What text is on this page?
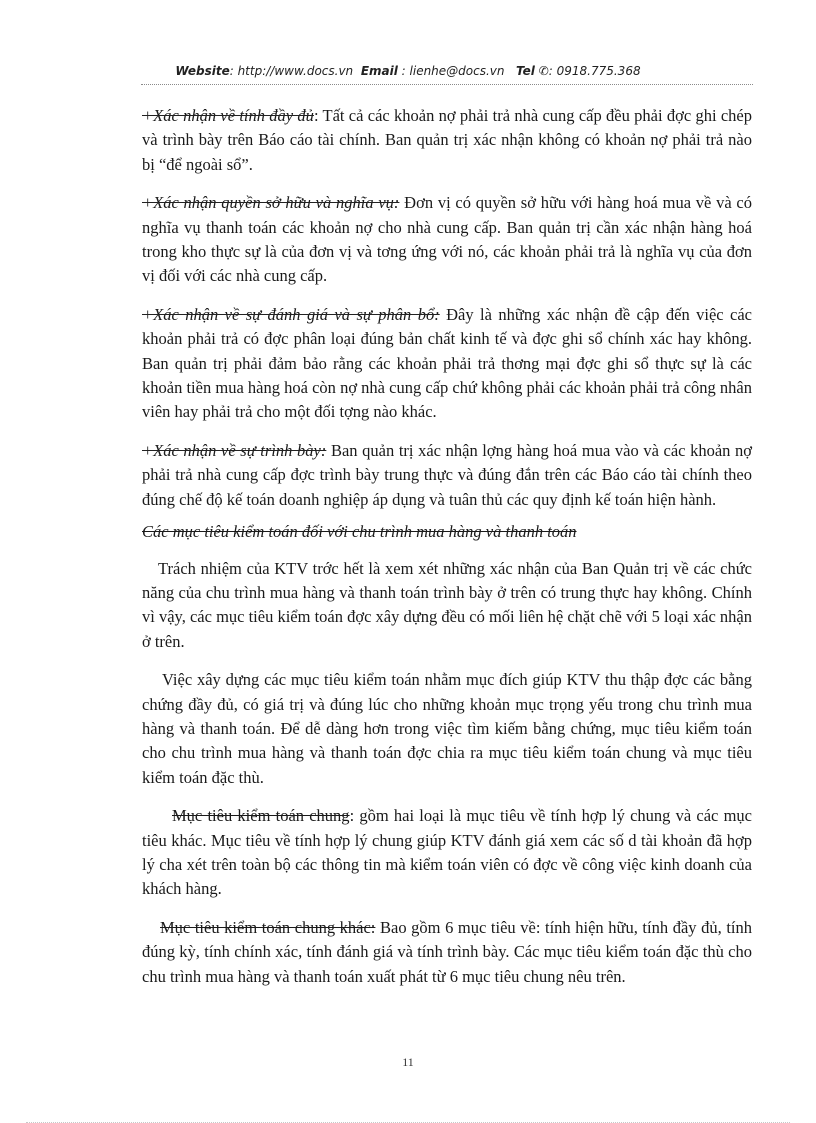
Website: http://www.docs.vn Email : lienhe@docs.vn Tel ✆: 0918.775.368

+Xác nhận về tính đầy đủ: Tất cả các khoản nợ phải trả nhà cung cấp đều phải đợc ghi chép và trình bày trên Báo cáo tài chính. Ban quản trị xác nhận không có khoản nợ phải trả nào bị “để ngoài sổ”.

+Xác nhận quyền sở hữu và nghĩa vụ: Đơn vị có quyền sở hữu với hàng hoá mua về và có nghĩa vụ thanh toán các khoản nợ cho nhà cung cấp. Ban quản trị cần xác nhận hàng hoá trong kho thực sự là của đơn vị và tơng ứng với nó, các khoản phải trả là nghĩa vụ của đơn vị đối với các nhà cung cấp.

+Xác nhận về sự đánh giá và sự phân bổ: Đây là những xác nhận đề cập đến việc các khoản phải trả có đợc phân loại đúng bản chất kinh tế và đợc ghi sổ chính xác hay không. Ban quản trị phải đảm bảo rằng các khoản phải trả thơng mại đợc ghi sổ thực sự là các khoản tiền mua hàng hoá còn nợ nhà cung cấp chứ không phải các khoản phải trả công nhân viên hay phải trả cho một đối tợng nào khác.

+Xác nhận về sự trình bày: Ban quản trị xác nhận lợng hàng hoá mua vào và các khoản nợ phải trả nhà cung cấp đợc trình bày trung thực và đúng đắn trên các Báo cáo tài chính theo đúng chế độ kế toán doanh nghiệp áp dụng và tuân thủ các quy định kế toán hiện hành.

Các mục tiêu kiểm toán đối với chu trình mua hàng và thanh toán

Trách nhiệm của KTV trớc hết là xem xét những xác nhận của Ban Quản trị về các chức năng của chu trình mua hàng và thanh toán trình bày ở trên có trung thực hay không. Chính vì vậy, các mục tiêu kiểm toán đợc xây dựng đều có mối liên hệ chặt chẽ với 5 loại xác nhận ở trên.

Việc xây dựng các mục tiêu kiểm toán nhằm mục đích giúp KTV thu thập đợc các bằng chứng đầy đủ, có giá trị và đúng lúc cho những khoản mục trọng yếu trong chu trình mua hàng và thanh toán. Để dễ dàng hơn trong việc tìm kiếm bằng chứng, mục tiêu kiểm toán cho chu trình mua hàng và thanh toán đợc chia ra mục tiêu kiểm toán chung và mục tiêu kiểm toán đặc thù.

Mục tiêu kiểm toán chung: gồm hai loại là mục tiêu về tính hợp lý chung và các mục tiêu khác. Mục tiêu về tính hợp lý chung giúp KTV đánh giá xem các số d tài khoản đã hợp lý cha xét trên toàn bộ các thông tin mà kiểm toán viên có đợc về công việc kinh doanh của khách hàng.

Mục tiêu kiểm toán chung khác: Bao gồm 6 mục tiêu về: tính hiện hữu, tính đầy đủ, tính đúng kỳ, tính chính xác, tính đánh giá và tính trình bày. Các mục tiêu kiểm toán đặc thù cho chu trình mua hàng và thanh toán xuất phát từ 6 mục tiêu chung nêu trên.

11
